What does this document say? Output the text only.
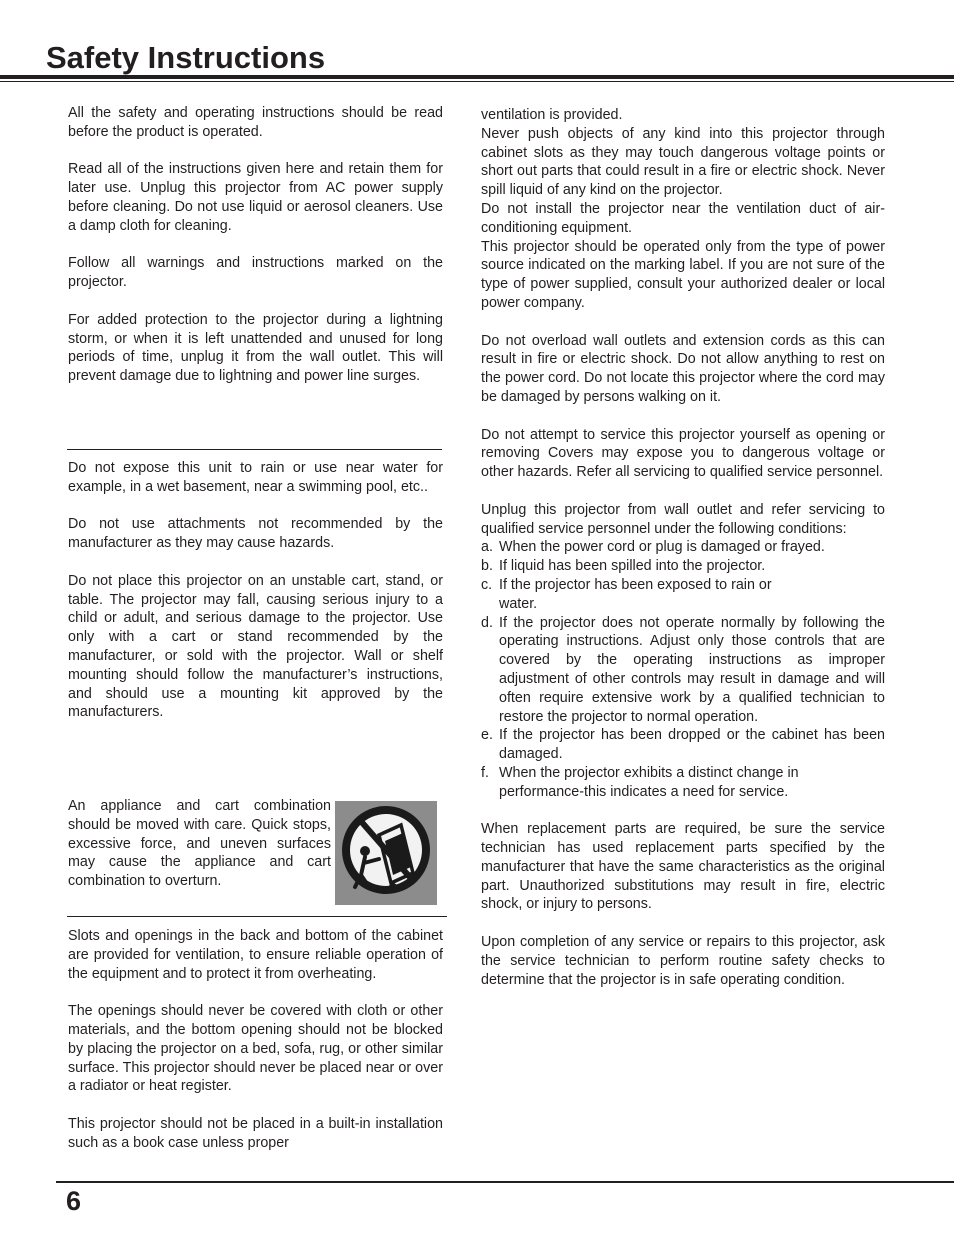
Safety Instructions

All the safety and operating instructions should be read before the product is operated.

Read all of the instructions given here and retain them for later use. Unplug this projector from AC power supply before cleaning. Do not use liquid or aerosol cleaners. Use a damp cloth for cleaning.

Follow all warnings and instructions marked on the projector.

For added protection to the projector during a lightning storm, or when it is left unattended and unused for long periods of time, unplug it from the wall outlet. This will prevent damage due to lightning and power line surges.

Do not expose this unit to rain or use near water for example, in a wet basement, near a swimming pool, etc..

Do not use attachments not recommended by the manufacturer as they may cause hazards.

Do not place this projector on an unstable cart, stand, or table. The projector may fall, causing serious injury to a child or adult, and serious damage to the projector. Use only with a cart or stand recommended by the manufacturer, or sold with the projector. Wall or shelf mounting should follow the manufacturer’s instructions, and should use a mounting kit approved by the manufacturers.

An appliance and cart combination should be moved with care. Quick stops, excessive force, and uneven surfaces may cause the appliance and cart combination to overturn.

Slots and openings in the back and bottom of the cabinet are provided for ventilation, to ensure reliable operation of the equipment and to protect it from overheating.

The openings should never be covered with cloth or other materials, and the bottom opening should not be blocked by placing the projector on a bed, sofa, rug, or other similar surface. This projector should never be placed near or over a radiator or heat register.

This projector should not be placed in a built-in installation such as a book case unless proper

ventilation is provided.

Never push objects of any kind into this projector through cabinet slots as they may touch dangerous voltage points or short out parts that could result in a fire or electric shock. Never spill liquid of any kind on the projector.

Do not install the projector near the ventilation duct of air-conditioning equipment.

This projector should be operated only from the type of power source indicated on the marking label. If you are not sure of the type of power supplied, consult your authorized dealer or local power company.

Do not overload wall outlets and extension cords as this can result in fire or electric shock. Do not allow anything to rest on the power cord. Do not locate this projector where the cord may be damaged by persons walking on it.

Do not attempt to service this projector yourself as opening or removing Covers may expose you to dangerous voltage or other hazards. Refer all servicing to qualified service personnel.

Unplug this projector from wall outlet and refer servicing to qualified service personnel under the following conditions:

a. When the power cord or plug is damaged or frayed.
b. If liquid has been spilled into the projector.
c. If the projector has been exposed to rain or water.
d. If the projector does not operate normally by following the operating instructions. Adjust only those controls that are covered by the operating instructions as improper adjustment of other controls may result in damage and will often require extensive work by a qualified technician to restore the projector to normal operation.
e. If the projector has been dropped or the cabinet has been damaged.
f. When the projector exhibits a distinct change in performance-this indicates a need for service.

When replacement parts are required, be sure the service technician has used replacement parts specified by the manufacturer that have the same characteristics as the original part. Unauthorized substitutions may result in fire, electric shock, or injury to persons.

Upon completion of any service or repairs to this projector, ask the service technician to perform routine safety checks to determine that the projector is in safe operating condition.

6
